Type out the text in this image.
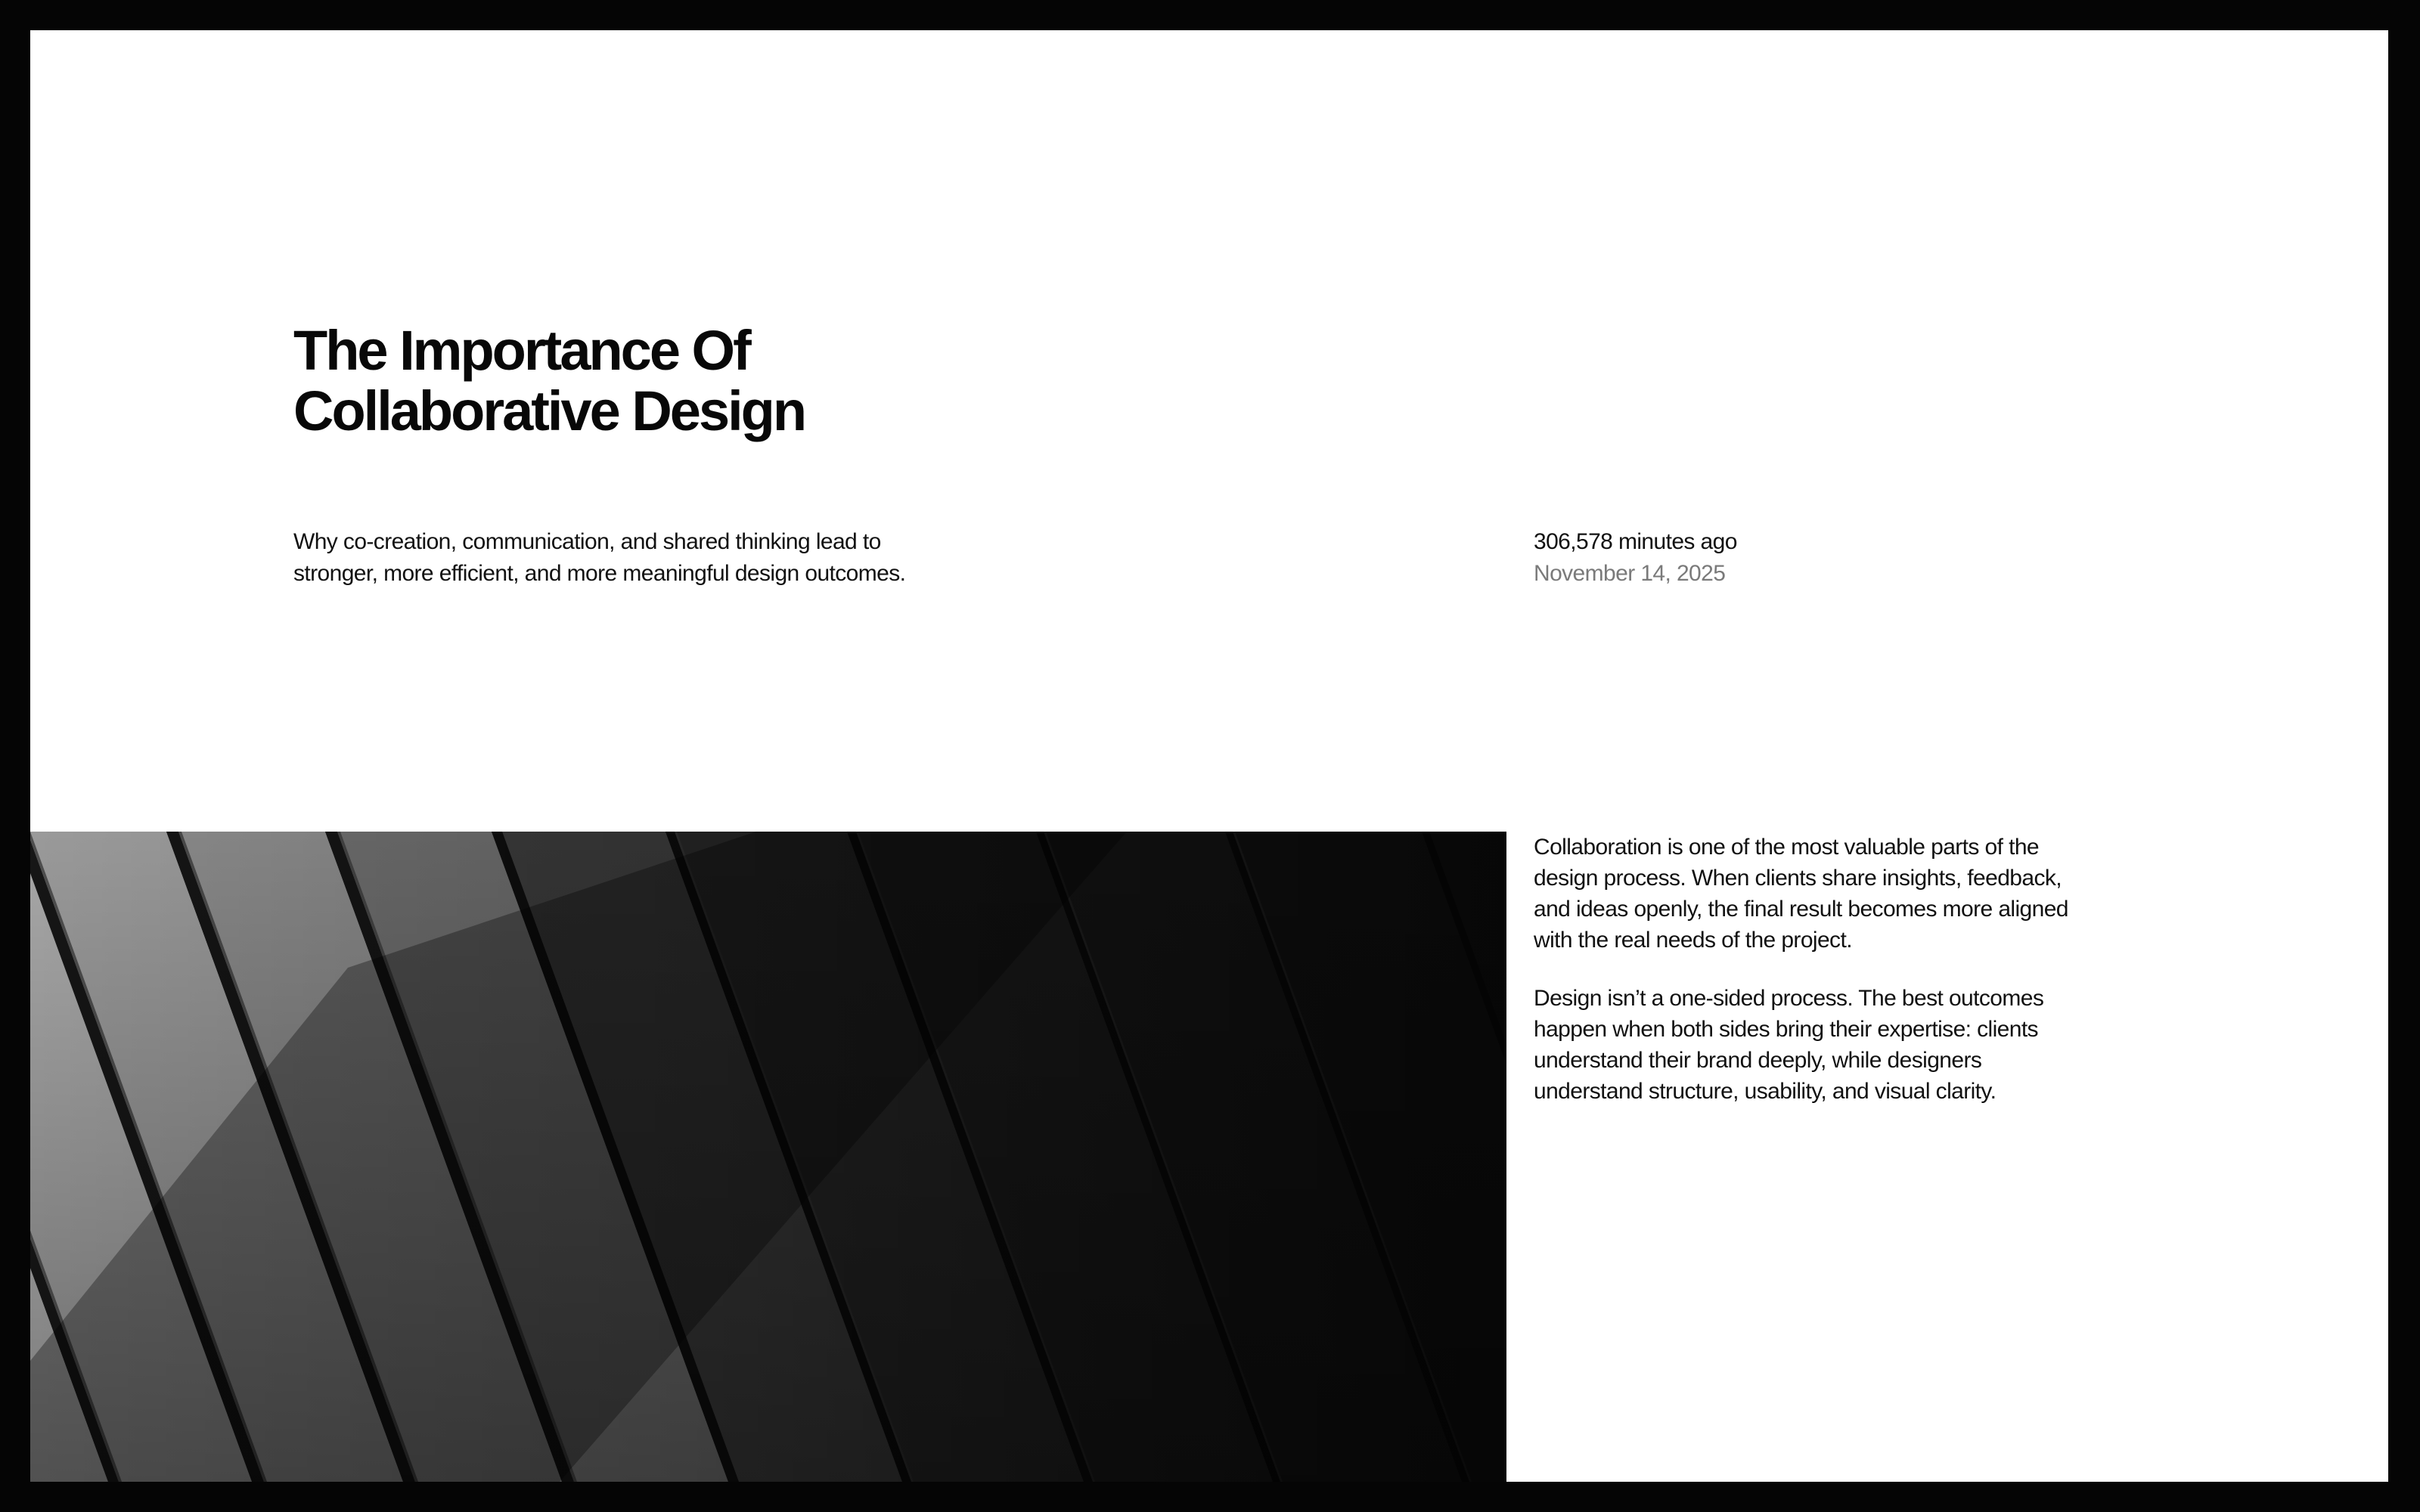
The Importance Of
Collaborative Design

Why co-creation, communication, and shared thinking lead to
stronger, more efficient, and more meaningful design outcomes.

306,578 minutes ago
November 14, 2025

Collaboration is one of the most valuable parts of the design process. When clients share insights, feedback, and ideas openly, the final result becomes more aligned with the real needs of the project.

Design isn’t a one-sided process. The best outcomes happen when both sides bring their expertise: clients understand their brand deeply, while designers understand structure, usability, and visual clarity.
